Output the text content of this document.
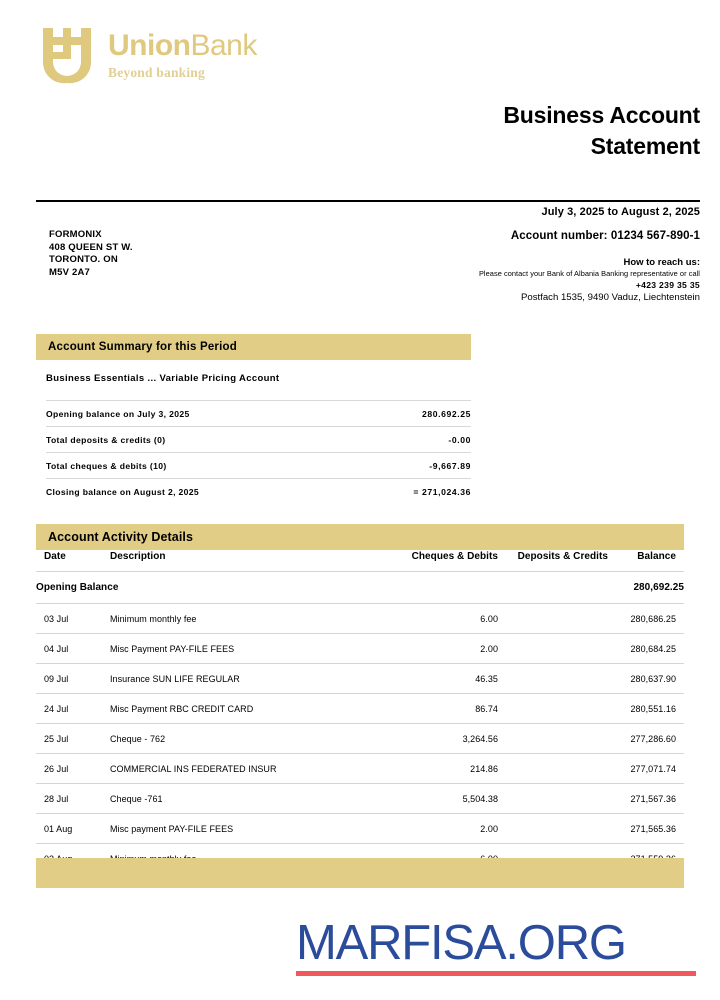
UnionBank
Beyond banking
Business Account
Statement
FORMONIX
408 QUEEN ST W.
TORONTO. ON
M5V 2A7
July 3, 2025 to August 2, 2025
Account number: 01234 567-890-1
How to reach us:
Please contact your Bank of Albania Banking representative or call
+423 239 35 35
Postfach 1535, 9490 Vaduz, Liechtenstein
Account Summary for this Period
Business Essentials ... Variable Pricing Account
Opening balance on July 3, 2025	280.692.25
Total deposits & credits (0)	-0.00
Total cheques & debits (10)	-9,667.89
Closing balance on August 2, 2025	= 271,024.36
Account Activity Details
Date	Description	Cheques & Debits	Deposits & Credits	Balance
Opening Balance				280,692.25
03 Jul	Minimum monthly fee	6.00		280,686.25
04 Jul	Misc Payment PAY-FILE FEES	2.00		280,684.25
09 Jul	Insurance SUN LIFE REGULAR	46.35		280,637.90
24 Jul	Misc Payment RBC CREDIT CARD	86.74		280,551.16
25 Jul	Cheque - 762	3,264.56		277,286.60
26 Jul	COMMERCIAL INS FEDERATED INSUR	214.86		277,071.74
28 Jul	Cheque -761	5,504.38		271,567.36
01 Aug	Misc payment PAY-FILE FEES	2.00		271,565.36

MARFISA.ORG
